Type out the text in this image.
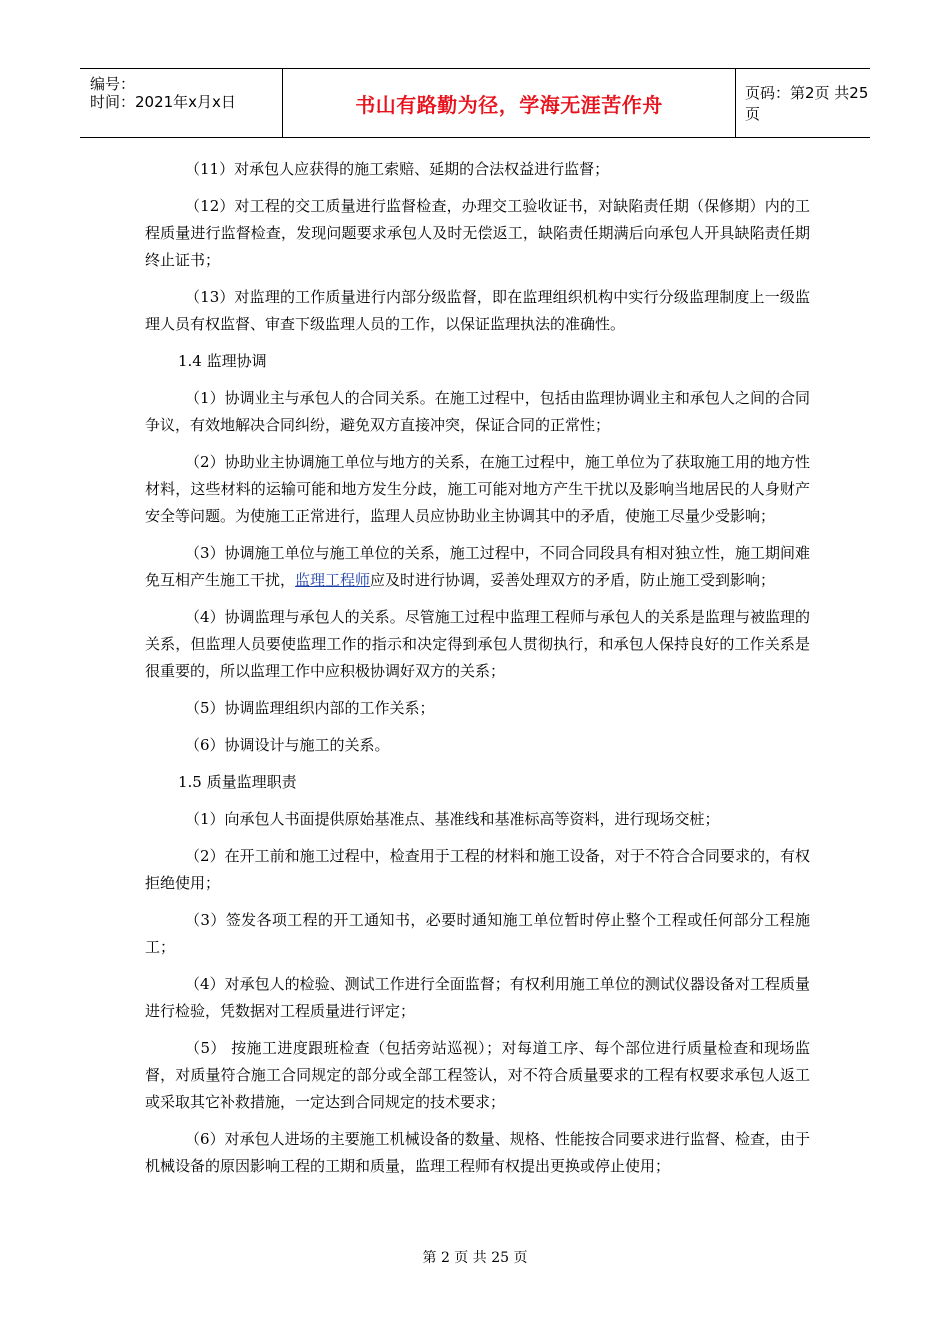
编号：
时间：2021年x月x日	书山有路勤为径，学海无涯苦作舟	页码：第2页 共25页

（11）对承包人应获得的施工索赔、延期的合法权益进行监督；

（12）对工程的交工质量进行监督检查，办理交工验收证书，对缺陷责任期（保修期）内的工程质量进行监督检查，发现问题要求承包人及时无偿返工，缺陷责任期满后向承包人开具缺陷责任期终止证书；

（13）对监理的工作质量进行内部分级监督，即在监理组织机构中实行分级监理制度上一级监理人员有权监督、审查下级监理人员的工作，以保证监理执法的准确性。

1.4 监理协调

（1）协调业主与承包人的合同关系。在施工过程中，包括由监理协调业主和承包人之间的合同争议，有效地解决合同纠纷，避免双方直接冲突，保证合同的正常性；

（2）协助业主协调施工单位与地方的关系，在施工过程中，施工单位为了获取施工用的地方性材料，这些材料的运输可能和地方发生分歧，施工可能对地方产生干扰以及影响当地居民的人身财产安全等问题。为使施工正常进行，监理人员应协助业主协调其中的矛盾，使施工尽量少受影响；

（3）协调施工单位与施工单位的关系，施工过程中，不同合同段具有相对独立性，施工期间难免互相产生施工干扰，监理工程师应及时进行协调，妥善处理双方的矛盾，防止施工受到影响；

（4）协调监理与承包人的关系。尽管施工过程中监理工程师与承包人的关系是监理与被监理的关系，但监理人员要使监理工作的指示和决定得到承包人贯彻执行，和承包人保持良好的工作关系是很重要的，所以监理工作中应积极协调好双方的关系；

（5）协调监理组织内部的工作关系；

（6）协调设计与施工的关系。

1.5 质量监理职责

（1）向承包人书面提供原始基准点、基准线和基准标高等资料，进行现场交桩；

（2）在开工前和施工过程中，检查用于工程的材料和施工设备，对于不符合合同要求的，有权拒绝使用；

（3）签发各项工程的开工通知书，必要时通知施工单位暂时停止整个工程或任何部分工程施工；

（4）对承包人的检验、测试工作进行全面监督；有权利用施工单位的测试仪器设备对工程质量进行检验，凭数据对工程质量进行评定；

（5） 按施工进度跟班检查（包括旁站巡视）；对每道工序、每个部位进行质量检查和现场监督，对质量符合施工合同规定的部分或全部工程签认，对不符合质量要求的工程有权要求承包人返工或采取其它补救措施，一定达到合同规定的技术要求；

（6）对承包人进场的主要施工机械设备的数量、规格、性能按合同要求进行监督、检查，由于机械设备的原因影响工程的工期和质量，监理工程师有权提出更换或停止使用；

第 2 页 共 25 页
